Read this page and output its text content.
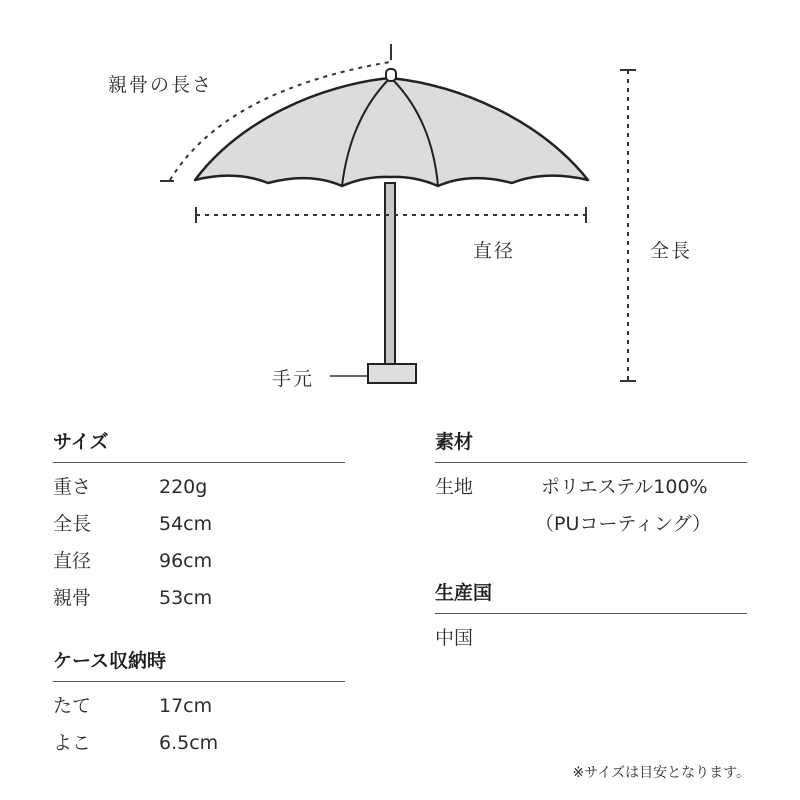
親骨の長さ
直径	全長
手元
サイズ
重さ	220g
全長	54cm
直径	96cm
親骨	53cm
ケース収納時
たて	17cm
よこ	6.5cm
素材
生地	ポリエステル100%
（PUコーティング）
生産国
中国
※サイズは目安となります。
